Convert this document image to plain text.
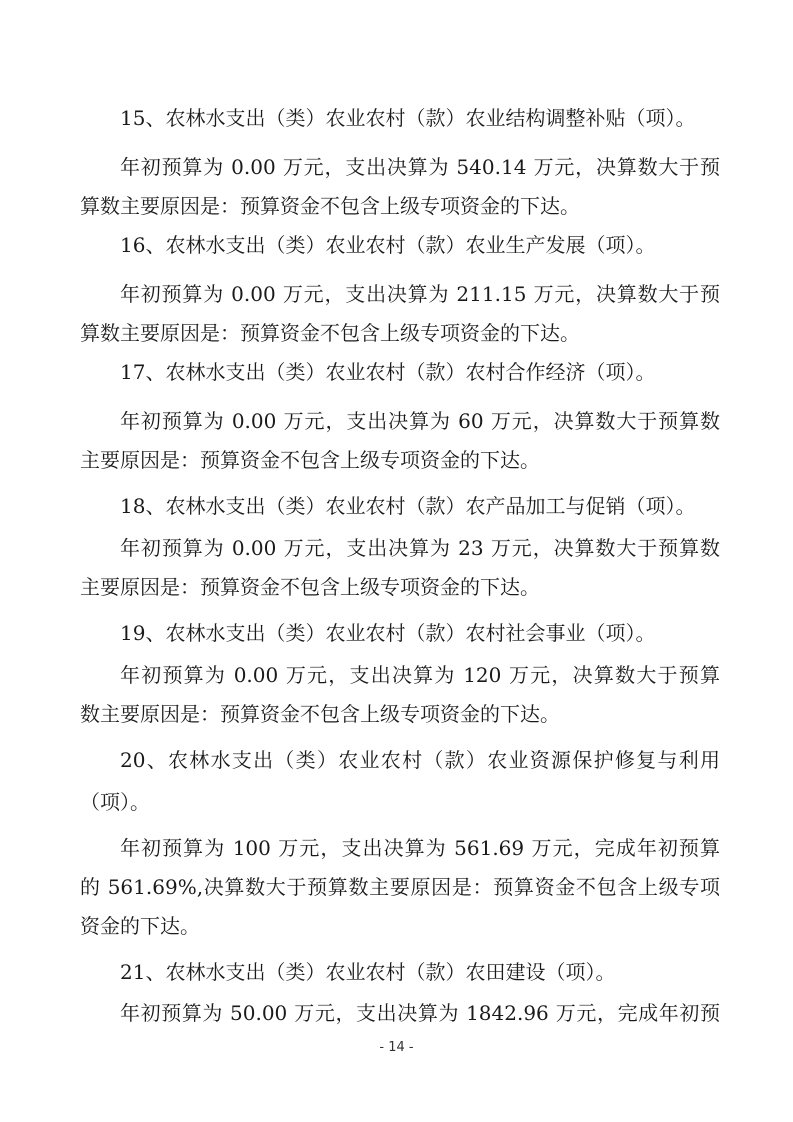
15、农林水支出（类）农业农村（款）农业结构调整补贴（项）。

年初预算为 0.00 万元，支出决算为 540.14 万元，决算数大于预

算数主要原因是：预算资金不包含上级专项资金的下达。

16、农林水支出（类）农业农村（款）农业生产发展（项）。

年初预算为 0.00 万元，支出决算为 211.15 万元，决算数大于预

算数主要原因是：预算资金不包含上级专项资金的下达。

17、农林水支出（类）农业农村（款）农村合作经济（项）。

年初预算为 0.00 万元，支出决算为 60 万元，决算数大于预算数

主要原因是：预算资金不包含上级专项资金的下达。

18、农林水支出（类）农业农村（款）农产品加工与促销（项）。

年初预算为 0.00 万元，支出决算为 23 万元，决算数大于预算数

主要原因是：预算资金不包含上级专项资金的下达。

19、农林水支出（类）农业农村（款）农村社会事业（项）。

年初预算为 0.00 万元，支出决算为 120 万元，决算数大于预算

数主要原因是：预算资金不包含上级专项资金的下达。

20、农林水支出（类）农业农村（款）农业资源保护修复与利用

（项）。

年初预算为 100 万元，支出决算为 561.69 万元，完成年初预算

的 561.69%,决算数大于预算数主要原因是：预算资金不包含上级专项

资金的下达。

21、农林水支出（类）农业农村（款）农田建设（项）。

年初预算为 50.00 万元，支出决算为 1842.96 万元，完成年初预

- 14 -
